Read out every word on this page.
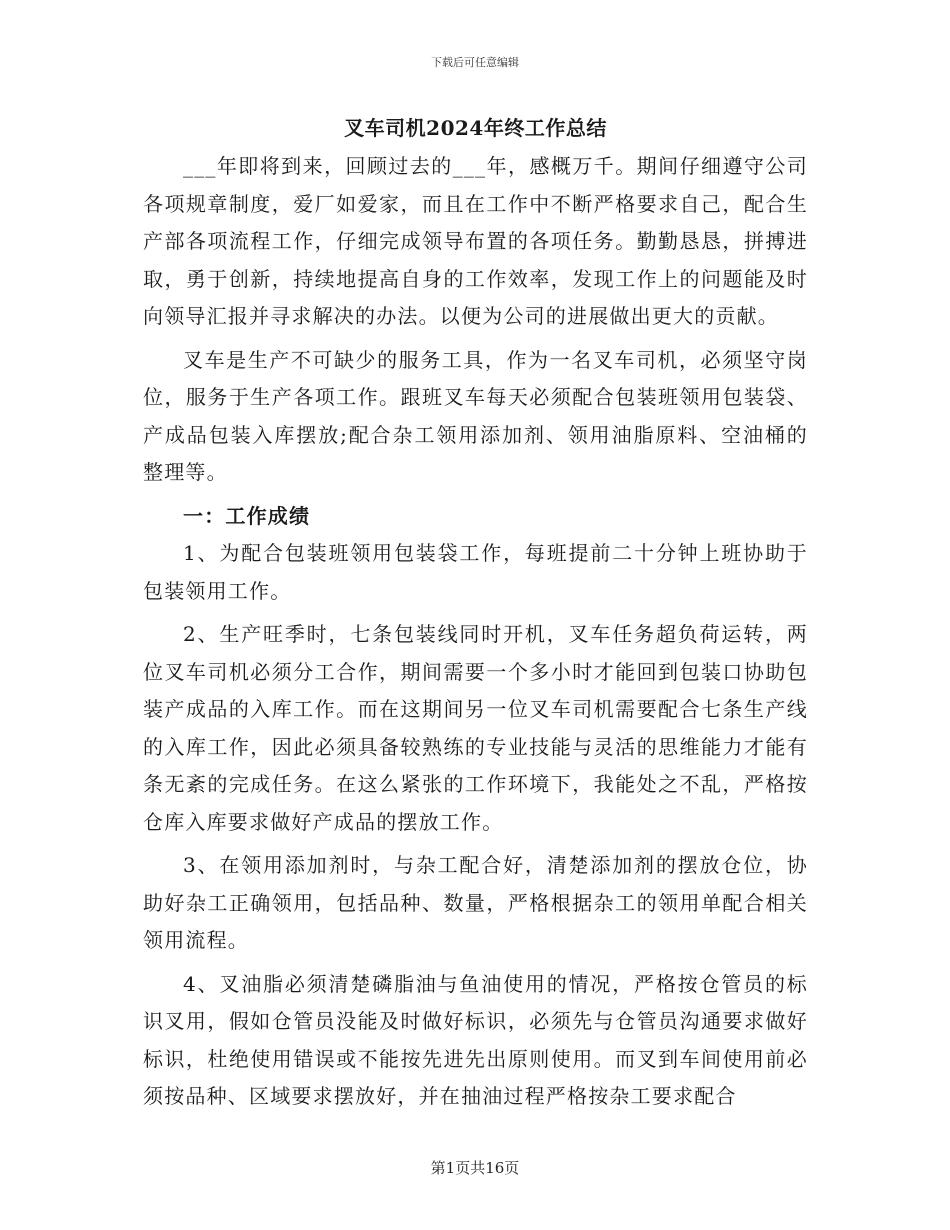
下载后可任意编辑
叉车司机2024年终工作总结

___年即将到来，回顾过去的___年，感概万千。期间仔细遵守公司各项规章制度，爱厂如爱家，而且在工作中不断严格要求自己，配合生产部各项流程工作，仔细完成领导布置的各项任务。勤勤恳恳，拼搏进取，勇于创新，持续地提高自身的工作效率，发现工作上的问题能及时向领导汇报并寻求解决的办法。以便为公司的进展做出更大的贡献。

叉车是生产不可缺少的服务工具，作为一名叉车司机，必须坚守岗位，服务于生产各项工作。跟班叉车每天必须配合包装班领用包装袋、产成品包装入库摆放;配合杂工领用添加剂、领用油脂原料、空油桶的整理等。

一：工作成绩

1、为配合包装班领用包装袋工作，每班提前二十分钟上班协助于包装领用工作。

2、生产旺季时，七条包装线同时开机，叉车任务超负荷运转，两位叉车司机必须分工合作，期间需要一个多小时才能回到包装口协助包装产成品的入库工作。而在这期间另一位叉车司机需要配合七条生产线的入库工作，因此必须具备较熟练的专业技能与灵活的思维能力才能有条无紊的完成任务。在这么紧张的工作环境下，我能处之不乱，严格按仓库入库要求做好产成品的摆放工作。

3、在领用添加剂时，与杂工配合好，清楚添加剂的摆放仓位，协助好杂工正确领用，包括品种、数量，严格根据杂工的领用单配合相关领用流程。

4、叉油脂必须清楚磷脂油与鱼油使用的情况，严格按仓管员的标识叉用，假如仓管员没能及时做好标识，必须先与仓管员沟通要求做好标识，杜绝使用错误或不能按先进先出原则使用。而叉到车间使用前必须按品种、区域要求摆放好，并在抽油过程严格按杂工要求配合

第1页共16页
